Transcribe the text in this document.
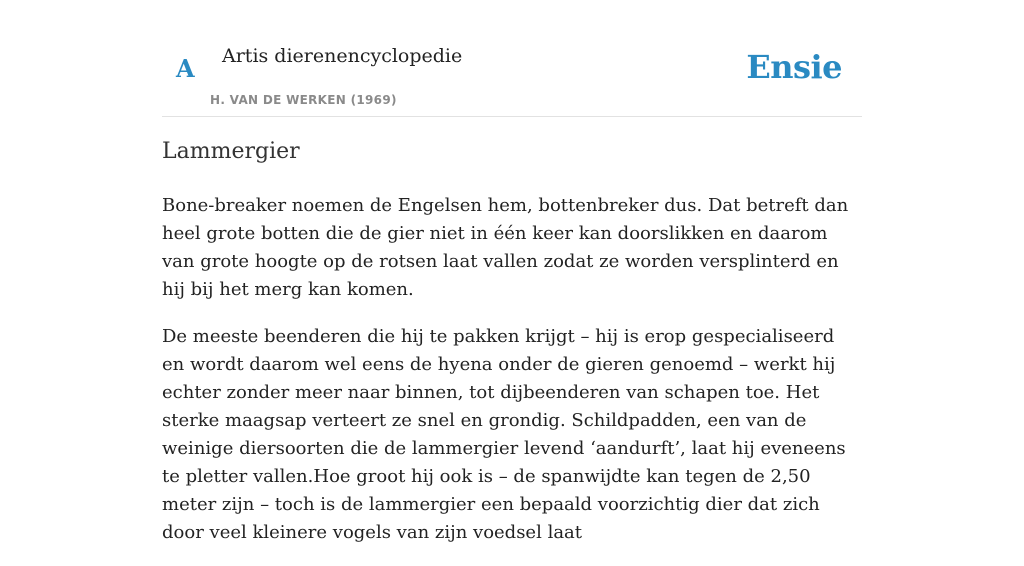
A Artis dierenencyclopedie
H. VAN DE WERKEN (1969)
Ensie
Lammergier

Bone-breaker noemen de Engelsen hem, bottenbreker dus. Dat betreft dan heel grote botten die de gier niet in één keer kan doorslikken en daarom van grote hoogte op de rotsen laat vallen zodat ze worden versplinterd en hij bij het merg kan komen.

De meeste beenderen die hij te pakken krijgt – hij is erop gespecialiseerd en wordt daarom wel eens de hyena onder de gieren genoemd – werkt hij echter zonder meer naar binnen, tot dijbeenderen van schapen toe. Het sterke maagsap verteert ze snel en grondig. Schildpadden, een van de weinige diersoorten die de lammergier levend ‘aandurft’, laat hij eveneens te pletter vallen.Hoe groot hij ook is – de spanwijdte kan tegen de 2,50 meter zijn – toch is de lammergier een bepaald voorzichtig dier dat zich door veel kleinere vogels van zijn voedsel laat
